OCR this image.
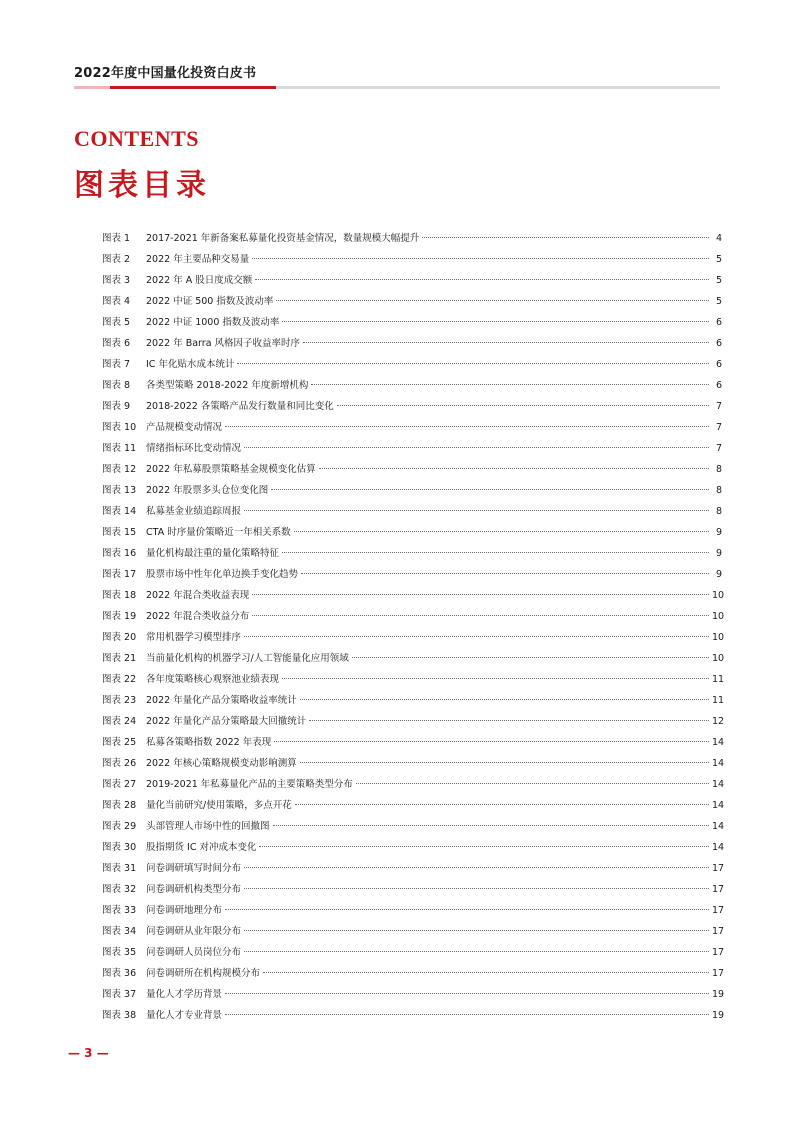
2022年度中国量化投资白皮书
CONTENTS
图表目录
图表 1	2017-2021 年新备案私募量化投资基金情况，数量规模大幅提升	4
图表 2	2022 年主要品种交易量	5
图表 3	2022 年 A 股日度成交额	5
图表 4	2022 中证 500 指数及波动率	5
图表 5	2022 中证 1000 指数及波动率	6
图表 6	2022 年 Barra 风格因子收益率时序	6
图表 7	IC 年化贴水成本统计	6
图表 8	各类型策略 2018-2022 年度新增机构	6
图表 9	2018-2022 各策略产品发行数量和同比变化	7
图表 10	产品规模变动情况	7
图表 11	情绪指标环比变动情况	7
图表 12	2022 年私募股票策略基金规模变化估算	8
图表 13	2022 年股票多头仓位变化图	8
图表 14	私募基金业绩追踪周报	8
图表 15	CTA 时序量价策略近一年相关系数	9
图表 16	量化机构最注重的量化策略特征	9
图表 17	股票市场中性年化单边换手变化趋势	9
图表 18	2022 年混合类收益表现	10
图表 19	2022 年混合类收益分布	10
图表 20	常用机器学习模型排序	10
图表 21	当前量化机构的机器学习/人工智能量化应用领域	10
图表 22	各年度策略核心观察池业绩表现	11
图表 23	2022 年量化产品分策略收益率统计	11
图表 24	2022 年量化产品分策略最大回撤统计	12
图表 25	私募各策略指数 2022 年表现	14
图表 26	2022 年核心策略规模变动影响测算	14
图表 27	2019-2021 年私募量化产品的主要策略类型分布	14
图表 28	量化当前研究/使用策略，多点开花	14
图表 29	头部管理人市场中性的回撤图	14
图表 30	股指期货 IC 对冲成本变化	14
图表 31	问卷调研填写时间分布	17
图表 32	问卷调研机构类型分布	17
图表 33	问卷调研地理分布	17
图表 34	问卷调研从业年限分布	17
图表 35	问卷调研人员岗位分布	17
图表 36	问卷调研所在机构规模分布	17
图表 37	量化人才学历背景	19
图表 38	量化人才专业背景	19
— 3 —
